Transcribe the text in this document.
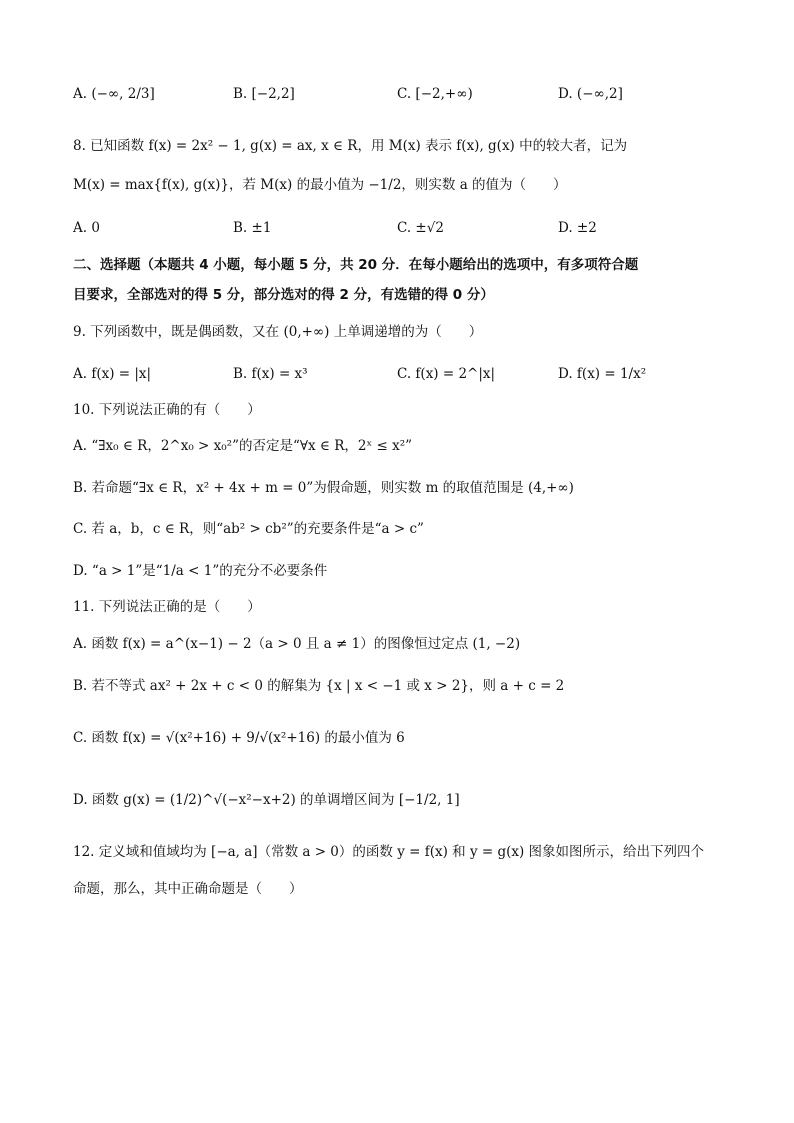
A. (−∞, 2/3]	B. [−2,2]	C. [−2,+∞)	D. (−∞,2]
8. 已知函数 f(x) = 2x² − 1, g(x) = ax, x ∈ R，用 M(x) 表示 f(x), g(x) 中的较大者，记为
M(x) = max{f(x), g(x)}，若 M(x) 的最小值为 −1/2，则实数 a 的值为（　　）
A. 0	B. ±1	C. ±√2	D. ±2
二、选择题（本题共 4 小题，每小题 5 分，共 20 分．在每小题给出的选项中，有多项符合题
目要求，全部选对的得 5 分，部分选对的得 2 分，有选错的得 0 分）
9. 下列函数中，既是偶函数，又在 (0,+∞) 上单调递增的为（　　）
A. f(x) = |x|	B. f(x) = x³	C. f(x) = 2^|x|	D. f(x) = 1/x²
10. 下列说法正确的有（　　）
A. “∃x₀ ∈ R，2^x₀ > x₀²”的否定是“∀x ∈ R，2ˣ ≤ x²”
B. 若命题“∃x ∈ R，x² + 4x + m = 0”为假命题，则实数 m 的取值范围是 (4,+∞)
C. 若 a，b，c ∈ R，则“ab² > cb²”的充要条件是“a > c”
D. “a > 1”是“1/a < 1”的充分不必要条件
11. 下列说法正确的是（　　）
A. 函数 f(x) = a^(x−1) − 2（a > 0 且 a ≠ 1）的图像恒过定点 (1, −2)
B. 若不等式 ax² + 2x + c < 0 的解集为 {x | x < −1 或 x > 2}，则 a + c = 2
C. 函数 f(x) = √(x²+16) + 9/√(x²+16) 的最小值为 6
D. 函数 g(x) = (1/2)^√(−x²−x+2) 的单调增区间为 [−1/2, 1]
12. 定义域和值域均为 [−a, a]（常数 a > 0）的函数 y = f(x) 和 y = g(x) 图象如图所示，给出下列四个
命题，那么，其中正确命题是（　　）
